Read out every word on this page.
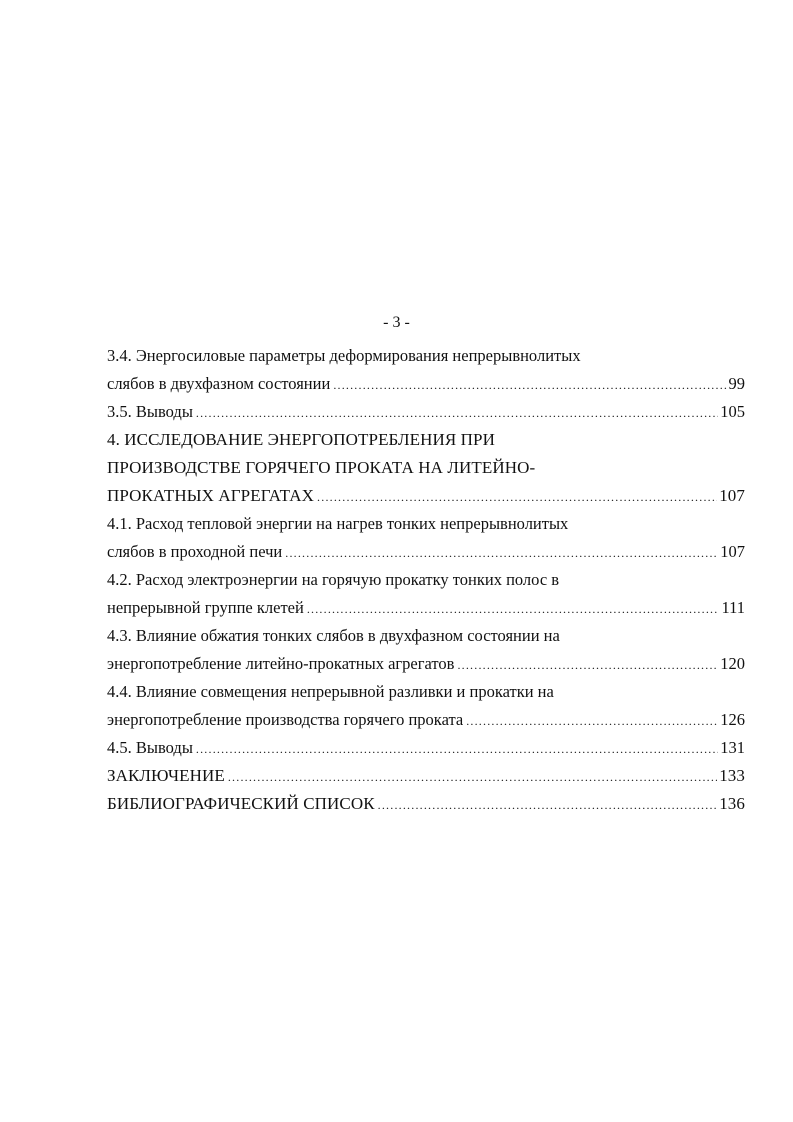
- 3 -
3.4. Энергосиловые параметры деформирования непрерывнолитых
слябов в двухфазном состоянии .....	99
3.5. Выводы .....	105
4. ИССЛЕДОВАНИЕ ЭНЕРГОПОТРЕБЛЕНИЯ ПРИ
ПРОИЗВОДСТВЕ ГОРЯЧЕГО ПРОКАТА НА ЛИТЕЙНО-
ПРОКАТНЫХ АГРЕГАТАХ .....	107
4.1. Расход тепловой энергии на нагрев тонких непрерывнолитых
слябов в проходной печи .....	107
4.2. Расход электроэнергии на горячую прокатку тонких полос в
непрерывной группе клетей .....	111
4.3. Влияние обжатия тонких слябов в двухфазном состоянии на
энергопотребление литейно-прокатных агрегатов .....	120
4.4. Влияние совмещения непрерывной разливки и прокатки на
энергопотребление производства горячего проката .....	126
4.5. Выводы .....	131
ЗАКЛЮЧЕНИЕ .....	133
БИБЛИОГРАФИЧЕСКИЙ СПИСОК .....	136
